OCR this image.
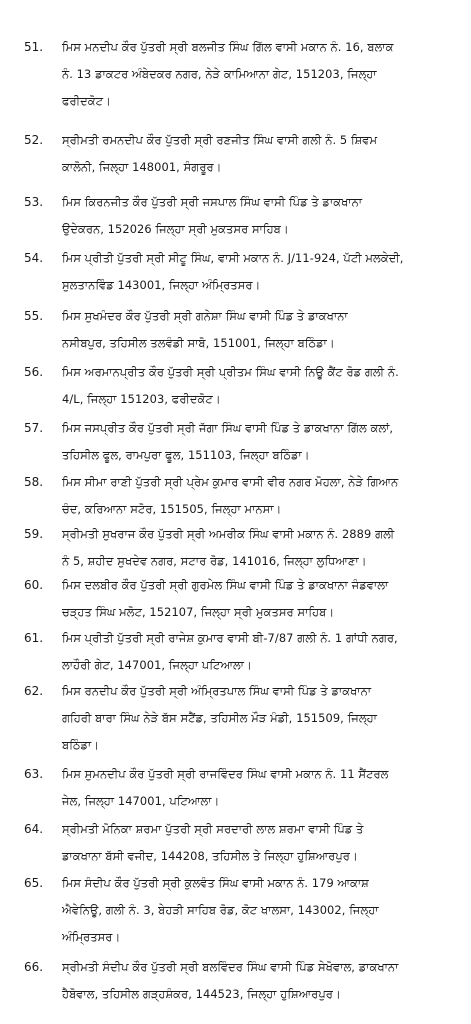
51. ਮਿਸ ਮਨਦੀਪ ਕੌਰ ਪੁੱਤਰੀ ਸ੍ਰੀ ਬਲਜੀਤ ਸਿੰਘ ਗਿੱਲ ਵਾਸੀ ਮਕਾਨ ਨੰ. 16, ਬਲਾਕ
ਨੰ. 13 ਡਾਕਟਰ ਅੰਬੇਦਕਰ ਨਗਰ, ਨੇੜੇ ਕਾਮਿਆਨਾ ਗੇਟ, 151203, ਜਿਲ੍ਹਾ
ਫਰੀਦਕੋਟ।
52. ਸ੍ਰੀਮਤੀ ਰਮਨਦੀਪ ਕੌਰ ਪੁੱਤਰੀ ਸ੍ਰੀ ਰਣਜੀਤ ਸਿੰਘ ਵਾਸੀ ਗਲੀ ਨੰ. 5 ਸ਼ਿਵਮ
ਕਾਲੋਨੀ, ਜਿਲ੍ਹਾ 148001, ਸੰਗਰੂਰ।
53. ਮਿਸ ਕਿਰਨਜੀਤ ਕੌਰ ਪੁੱਤਰੀ ਸ੍ਰੀ ਜਸਪਾਲ ਸਿੰਘ ਵਾਸੀ ਪਿੰਡ ਤੇ ਡਾਕਖਾਨਾ
ਉਦੇਕਰਨ, 152026 ਜਿਲ੍ਹਾ ਸ੍ਰੀ ਮੁਕਤਸਰ ਸਾਹਿਬ।
54. ਮਿਸ ਪ੍ਰੀਤੀ ਪੁੱਤਰੀ ਸ੍ਰੀ ਸੀਟੂ ਸਿੰਘ, ਵਾਸੀ ਮਕਾਨ ਨੰ. J/11-924, ਪੱਟੀ ਮਲਕੇਦੀ,
ਸੁਲਤਾਨਵਿੰਡ 143001, ਜਿਲ੍ਹਾ ਅੰਮ੍ਰਿਤਸਰ।
55. ਮਿਸ ਸੁਖਮੰਦਰ ਕੌਰ ਪੁੱਤਰੀ ਸ੍ਰੀ ਗਨੇਸ਼ਾ ਸਿੰਘ ਵਾਸੀ ਪਿੰਡ ਤੇ ਡਾਕਖਾਨਾ
ਨਸੀਬਪੁਰ, ਤਹਿਸੀਲ ਤਲਵੰਡੀ ਸਾਬੋ, 151001, ਜਿਲ੍ਹਾ ਬਠਿੰਡਾ।
56. ਮਿਸ ਅਰਮਾਨਪ੍ਰੀਤ ਕੌਰ ਪੁੱਤਰੀ ਸ੍ਰੀ ਪ੍ਰੀਤਮ ਸਿੰਘ ਵਾਸੀ ਨਿਊ ਕੈਂਟ ਰੋਡ ਗਲੀ ਨੰ.
4/L, ਜਿਲ੍ਹਾ 151203, ਫਰੀਦਕੋਟ।
57. ਮਿਸ ਜਸਪ੍ਰੀਤ ਕੌਰ ਪੁੱਤਰੀ ਸ੍ਰੀ ਜੱਗਾ ਸਿੰਘ ਵਾਸੀ ਪਿੰਡ ਤੇ ਡਾਕਖਾਨਾ ਗਿੱਲ ਕਲਾਂ,
ਤਹਿਸੀਲ ਫੂਲ, ਰਾਮਪੁਰਾ ਫੂਲ, 151103, ਜਿਲ੍ਹਾ ਬਠਿੰਡਾ।
58. ਮਿਸ ਸੀਮਾ ਰਾਣੀ ਪੁੱਤਰੀ ਸ੍ਰੀ ਪ੍ਰੇਮ ਕੁਮਾਰ ਵਾਸੀ ਵੀਰ ਨਗਰ ਮੋਹਲਾ, ਨੇੜੇ ਗਿਆਨ
ਚੰਦ, ਕਰਿਆਨਾ ਸਟੋਰ, 151505, ਜਿਲ੍ਹਾ ਮਾਨਸਾ।
59. ਸ੍ਰੀਮਤੀ ਸੁਖਰਾਜ ਕੌਰ ਪੁੱਤਰੀ ਸ੍ਰੀ ਅਮਰੀਕ ਸਿੰਘ ਵਾਸੀ ਮਕਾਨ ਨੰ. 2889 ਗਲੀ
ਨੰ 5, ਸ਼ਹੀਦ ਸੁਖਦੇਵ ਨਗਰ, ਸਟਾਰ ਰੋਡ, 141016, ਜਿਲ੍ਹਾ ਲੁਧਿਆਣਾ।
60. ਮਿਸ ਦਲਬੀਰ ਕੌਰ ਪੁੱਤਰੀ ਸ੍ਰੀ ਗੁਰਮੇਲ ਸਿੰਘ ਵਾਸੀ ਪਿੰਡ ਤੇ ਡਾਕਖਾਨਾ ਜੰਡਵਾਲਾ
ਚੜ੍ਹਤ ਸਿੰਘ ਮਲੋਟ, 152107, ਜਿਲ੍ਹਾ ਸ੍ਰੀ ਮੁਕਤਸਰ ਸਾਹਿਬ।
61. ਮਿਸ ਪ੍ਰੀਤੀ ਪੁੱਤਰੀ ਸ੍ਰੀ ਰਾਜੇਸ਼ ਕੁਮਾਰ ਵਾਸੀ ਬੀ-7/87 ਗਲੀ ਨੰ. 1 ਗਾਂਧੀ ਨਗਰ,
ਲਾਹੌਰੀ ਗੇਟ, 147001, ਜਿਲ੍ਹਾ ਪਟਿਆਲਾ।
62. ਮਿਸ ਰਨਦੀਪ ਕੌਰ ਪੁੱਤਰੀ ਸ੍ਰੀ ਅੰਮ੍ਰਿਤਪਾਲ ਸਿੰਘ ਵਾਸੀ ਪਿੰਡ ਤੇ ਡਾਕਖਾਨਾ
ਗਹਿਰੀ ਬਾਰਾ ਸਿੰਘ ਨੇੜੇ ਬੱਸ ਸਟੈਂਡ, ਤਹਿਸੀਲ ਮੌੜ ਮੰਡੀ, 151509, ਜਿਲ੍ਹਾ
ਬਠਿੰਡਾ।
63. ਮਿਸ ਸੁਮਨਦੀਪ ਕੌਰ ਪੁੱਤਰੀ ਸ੍ਰੀ ਰਾਜਵਿੰਦਰ ਸਿੰਘ ਵਾਸੀ ਮਕਾਨ ਨੰ. 11 ਸੈਂਟਰਲ
ਜੇਲ, ਜਿਲ੍ਹਾ 147001, ਪਟਿਆਲਾ।
64. ਸ੍ਰੀਮਤੀ ਮੋਨਿਕਾ ਸ਼ਰਮਾ ਪੁੱਤਰੀ ਸ੍ਰੀ ਸਰਦਾਰੀ ਲਾਲ ਸ਼ਰਮਾ ਵਾਸੀ ਪਿੰਡ ਤੇ
ਡਾਕਖਾਨਾ ਬੱਸੀ ਵਜੀਦ, 144208, ਤਹਿਸੀਲ ਤੇ ਜਿਲ੍ਹਾ ਹੁਸ਼ਿਆਰਪੁਰ।
65. ਮਿਸ ਸੰਦੀਪ ਕੌਰ ਪੁੱਤਰੀ ਸ੍ਰੀ ਕੁਲਵੰਤ ਸਿੰਘ ਵਾਸੀ ਮਕਾਨ ਨੰ. 179 ਆਕਾਸ਼
ਐਵੇਨਿਊ, ਗਲੀ ਨੰ. 3, ਬੇਹੜੀ ਸਾਹਿਬ ਰੋਡ, ਕੋਟ ਖਾਲਸਾ, 143002, ਜਿਲ੍ਹਾ
ਅੰਮ੍ਰਿਤਸਰ।
66. ਸ੍ਰੀਮਤੀ ਸੰਦੀਪ ਕੌਰ ਪੁੱਤਰੀ ਸ੍ਰੀ ਬਲਵਿੰਦਰ ਸਿੰਘ ਵਾਸੀ ਪਿੰਡ ਸੇਖੋਵਾਲ, ਡਾਕਖਾਨਾ
ਹੈਬੋਵਾਲ, ਤਹਿਸੀਲ ਗੜ੍ਹਸ਼ੰਕਰ, 144523, ਜਿਲ੍ਹਾ ਹੁਸ਼ਿਆਰਪੁਰ।
